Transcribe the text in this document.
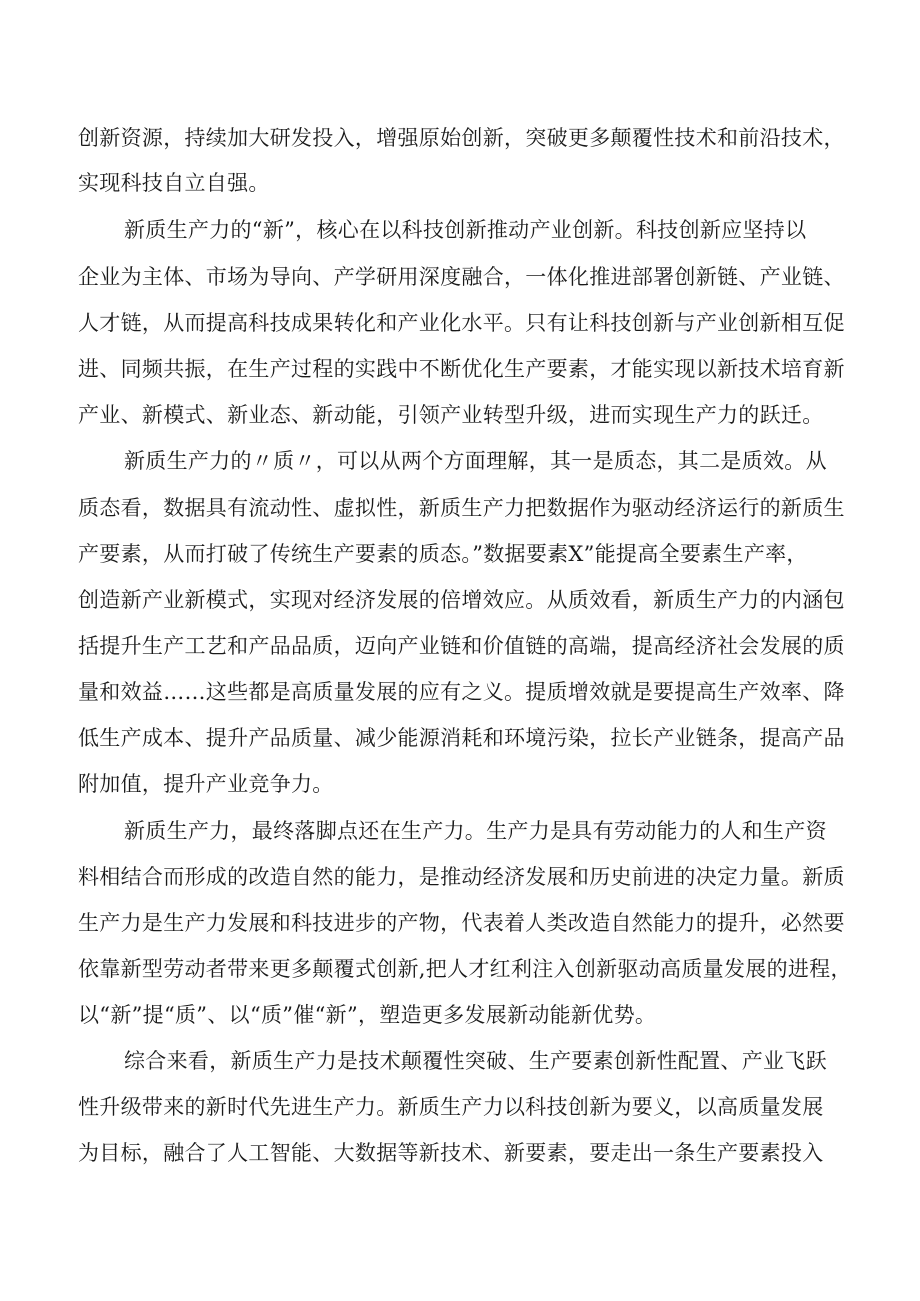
创新资源，持续加大研发投入，增强原始创新，突破更多颠覆性技术和前沿技术，
实现科技自立自强。
新质生产力的“新”，核心在以科技创新推动产业创新。科技创新应坚持以
企业为主体、市场为导向、产学研用深度融合，一体化推进部署创新链、产业链、
人才链，从而提高科技成果转化和产业化水平。只有让科技创新与产业创新相互促
进、同频共振，在生产过程的实践中不断优化生产要素，才能实现以新技术培育新
产业、新模式、新业态、新动能，引领产业转型升级，进而实现生产力的跃迁。
新质生产力的〃质〃，可以从两个方面理解，其一是质态，其二是质效。从
质态看，数据具有流动性、虚拟性，新质生产力把数据作为驱动经济运行的新质生
产要素，从而打破了传统生产要素的质态。”数据要素X”能提高全要素生产率，
创造新产业新模式，实现对经济发展的倍增效应。从质效看，新质生产力的内涵包
括提升生产工艺和产品品质，迈向产业链和价值链的高端，提高经济社会发展的质
量和效益……这些都是高质量发展的应有之义。提质增效就是要提高生产效率、降
低生产成本、提升产品质量、减少能源消耗和环境污染，拉长产业链条，提高产品
附加值，提升产业竞争力。
新质生产力，最终落脚点还在生产力。生产力是具有劳动能力的人和生产资
料相结合而形成的改造自然的能力，是推动经济发展和历史前进的决定力量。新质
生产力是生产力发展和科技进步的产物，代表着人类改造自然能力的提升，必然要
依靠新型劳动者带来更多颠覆式创新,把人才红利注入创新驱动高质量发展的进程，
以“新”提“质”、以“质”催“新”，塑造更多发展新动能新优势。
综合来看，新质生产力是技术颠覆性突破、生产要素创新性配置、产业飞跃
性升级带来的新时代先进生产力。新质生产力以科技创新为要义，以高质量发展
为目标，融合了人工智能、大数据等新技术、新要素，要走出一条生产要素投入
